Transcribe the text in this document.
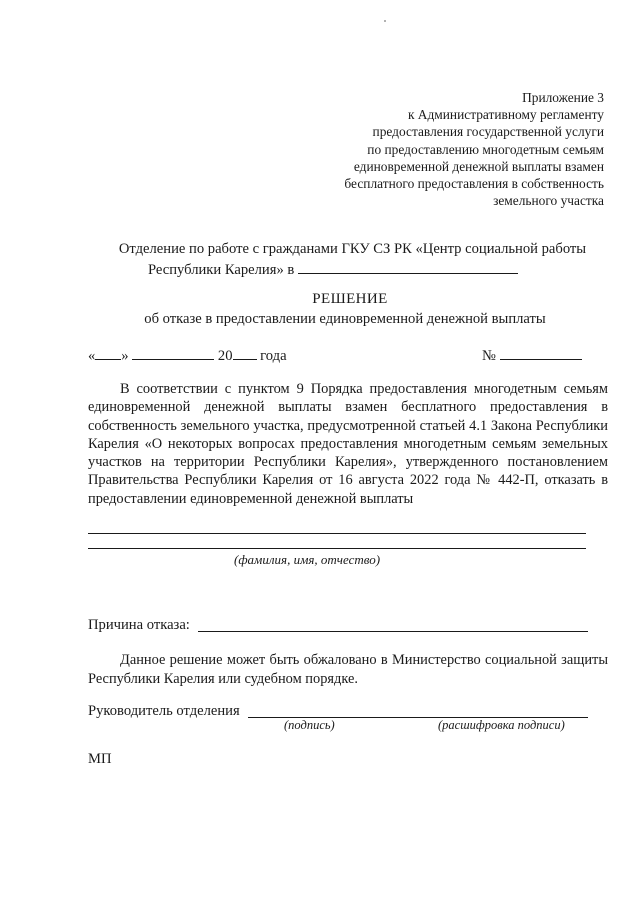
Приложение 3
к Административному регламенту
предоставления государственной услуги
по предоставлению многодетным семьям
единовременной денежной выплаты взамен
бесплатного предоставления в собственность
земельного участка
Отделение по работе с гражданами ГКУ СЗ РК «Центр социальной работы
Республики Карелия» в
РЕШЕНИЕ
об отказе в предоставлении единовременной денежной выплаты
« »	20 года	№
В соответствии с пунктом 9 Порядка предоставления многодетным семьям единовременной денежной выплаты взамен бесплатного предоставления в собственность земельного участка, предусмотренной статьей 4.1 Закона Республики Карелия «О некоторых вопросах предоставления многодетным семьям земельных участков на территории Республики Карелия», утвержденного постановлением Правительства Республики Карелия от 16 августа 2022 года № 442-П, отказать в предоставлении единовременной денежной выплаты
(фамилия, имя, отчество)
Причина отказа:
Данное решение может быть обжаловано в Министерство социальной защиты Республики Карелия или судебном порядке.
Руководитель отделения
(подпись)	(расшифровка подписи)
МП
